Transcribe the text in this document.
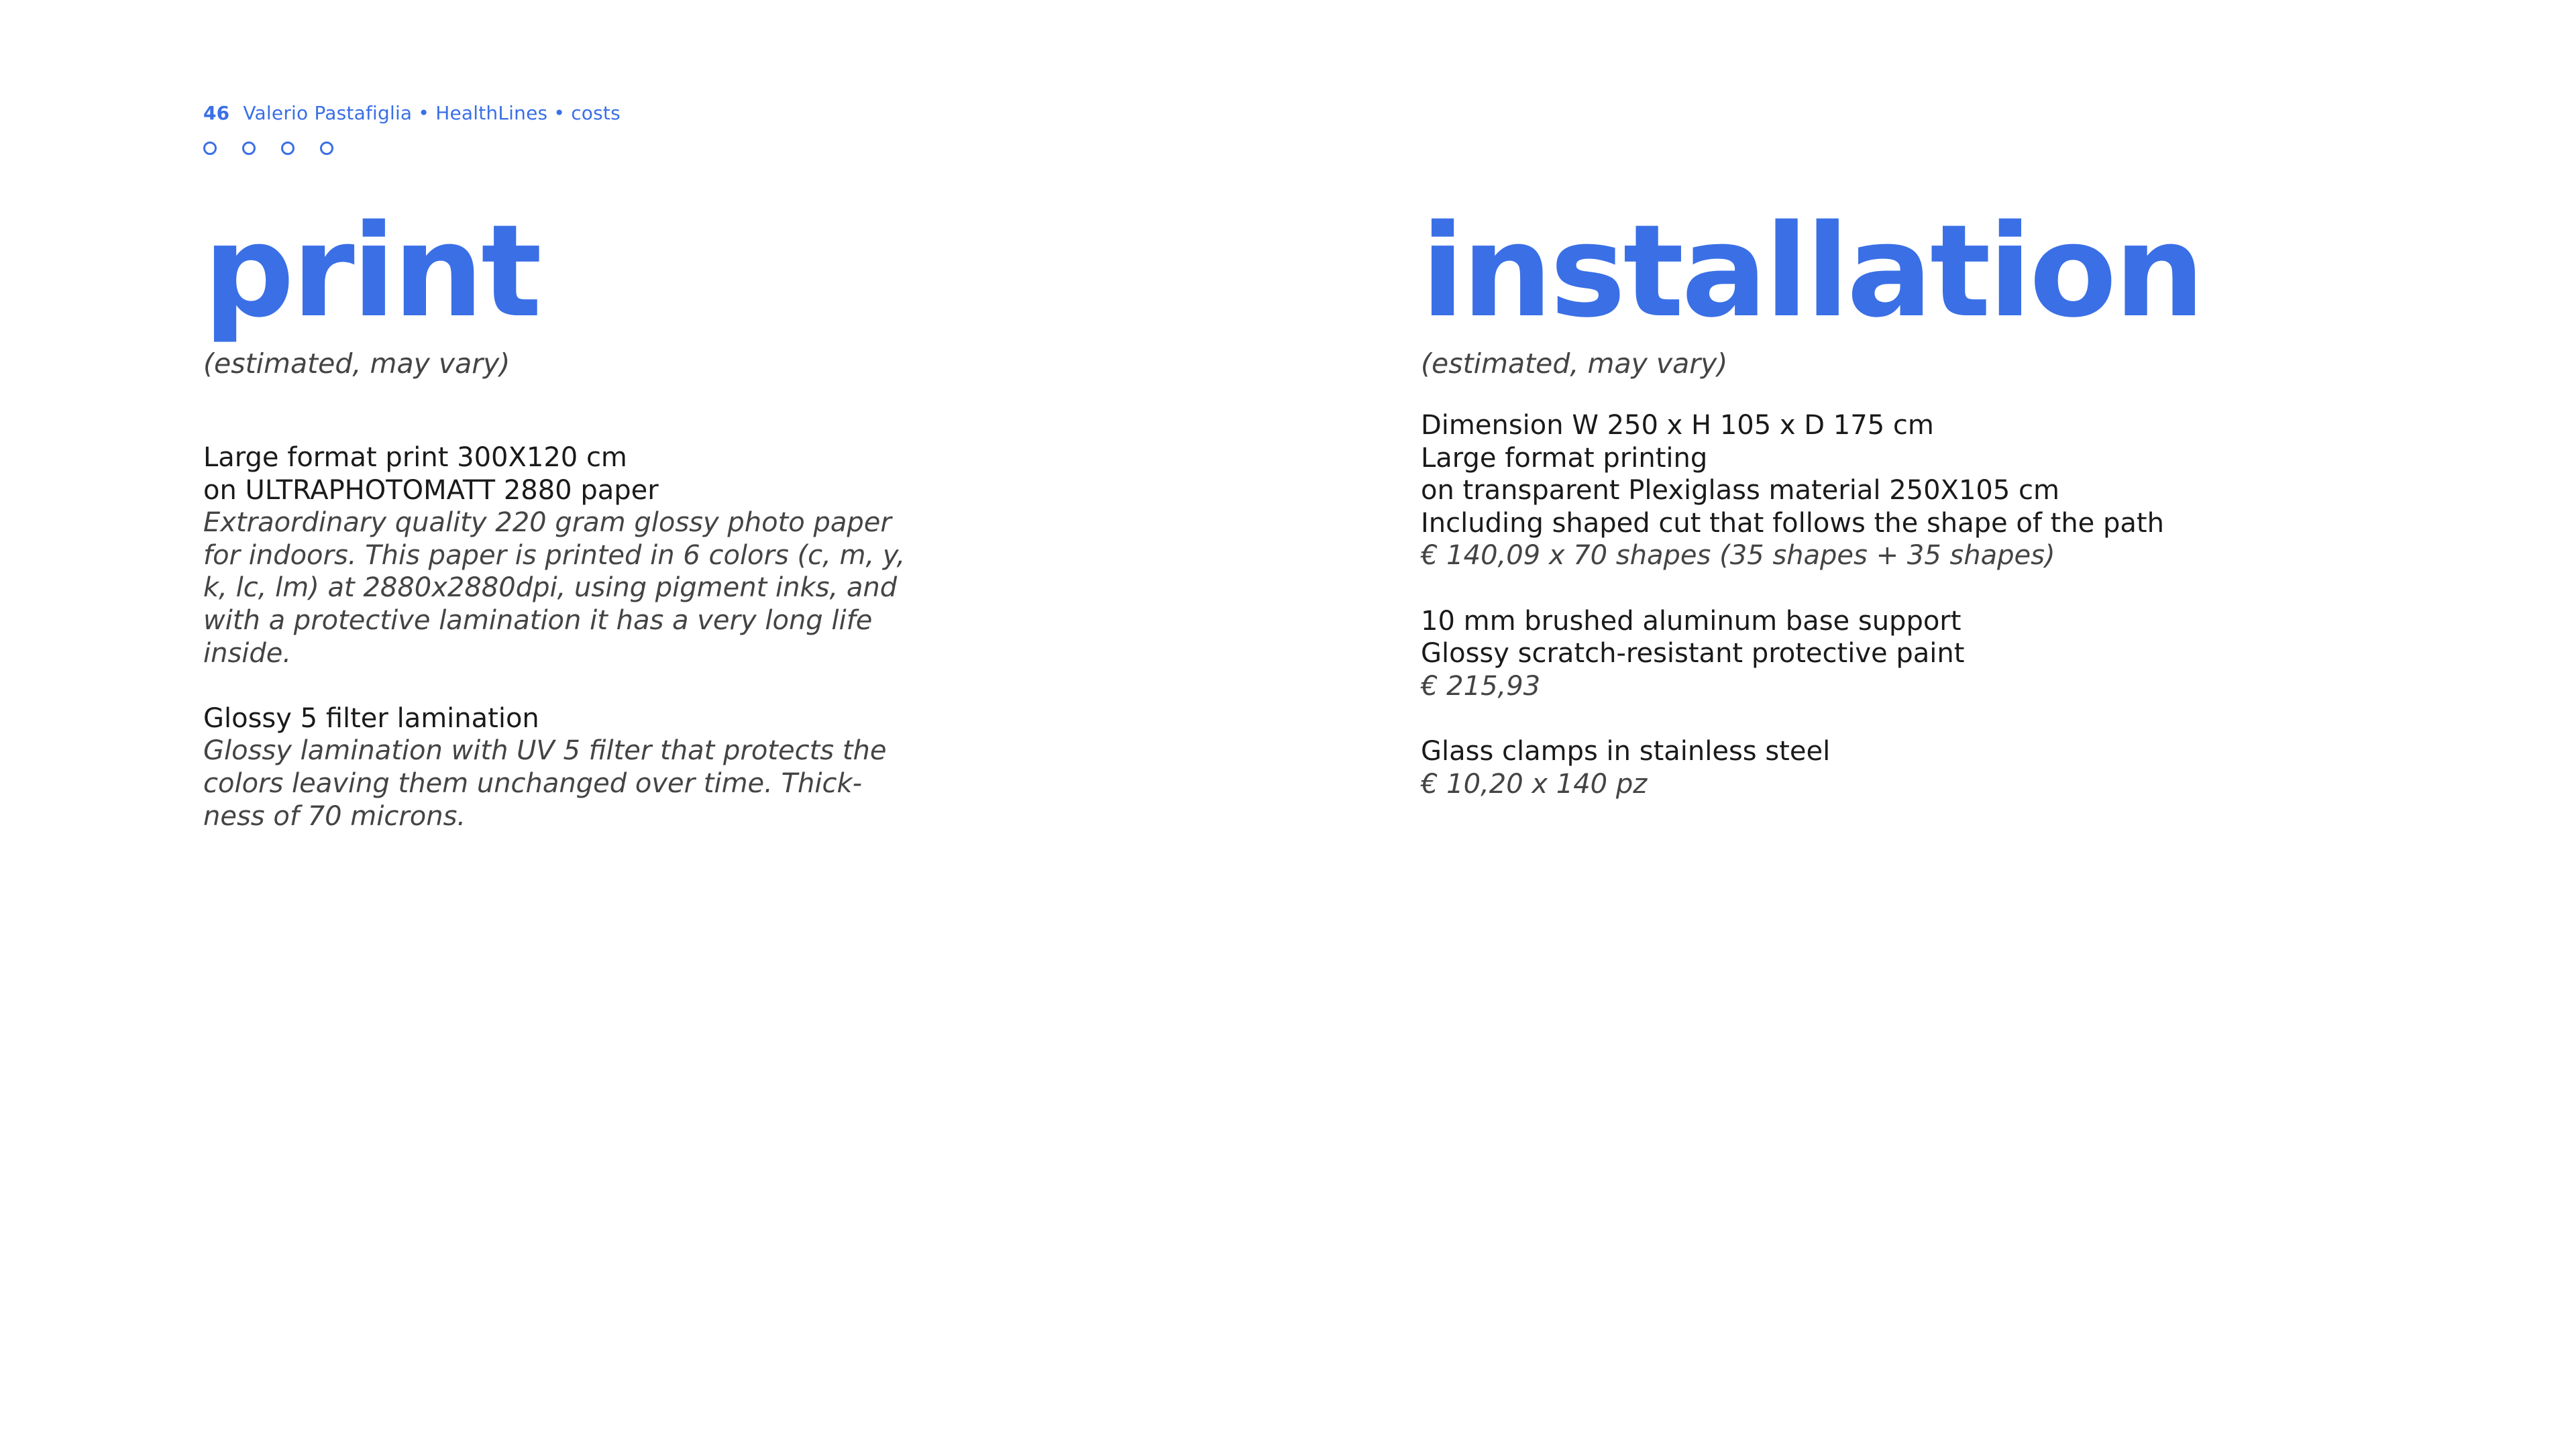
46 Valerio Pastafiglia • HealthLines • costs
print
(estimated, may vary)
Large format print 300X120 cm
on ULTRAPHOTOMATT 2880 paper
Extraordinary quality 220 gram glossy photo paper
for indoors. This paper is printed in 6 colors (c, m, y,
k, lc, lm) at 2880x2880dpi, using pigment inks, and
with a protective lamination it has a very long life
inside.
Glossy 5 filter lamination
Glossy lamination with UV 5 filter that protects the
colors leaving them unchanged over time. Thick-
ness of 70 microns.
installation
(estimated, may vary)
Dimension W 250 x H 105 x D 175 cm
Large format printing
on transparent Plexiglass material 250X105 cm
Including shaped cut that follows the shape of the path
€ 140,09 x 70 shapes (35 shapes + 35 shapes)
10 mm brushed aluminum base support
Glossy scratch-resistant protective paint
€ 215,93
Glass clamps in stainless steel
€ 10,20 x 140 pz
